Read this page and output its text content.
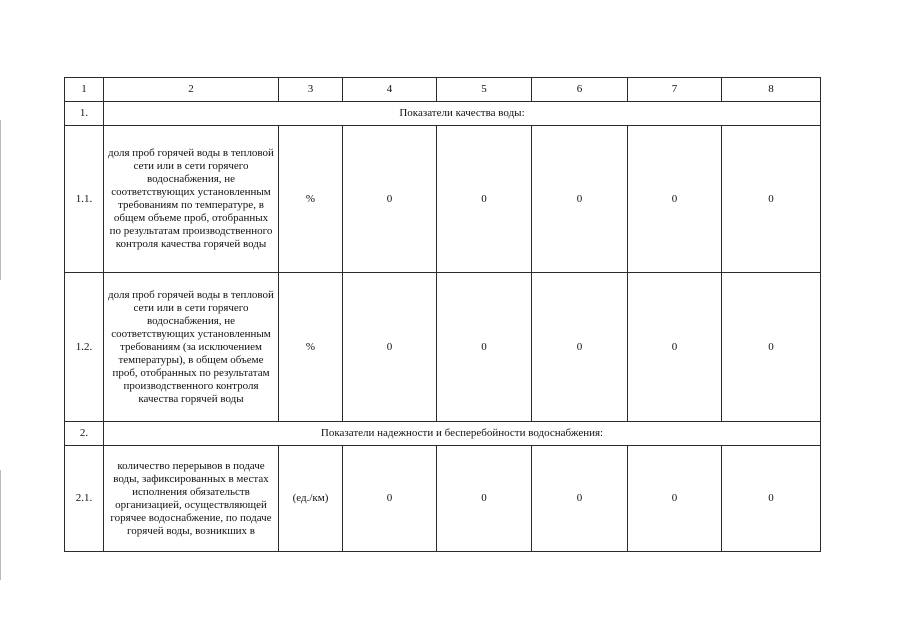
1	2	3	4	5	6	7	8
1.	Показатели качества воды:						
1.1.	доля проб горячей воды в тепловой сети или в сети горячего водоснабжения, не соответствующих установленным требованиям по температуре, в общем объеме проб, отобранных по результатам производственного контроля качества горячей воды	%	0	0	0	0	0
1.2.	доля проб горячей воды в тепловой сети или в сети горячего водоснабжения, не соответствующих установленным требованиям (за исключением температуры), в общем объеме проб, отобранных по результатам производственного контроля качества горячей воды	%	0	0	0	0	0
2.	Показатели надежности и бесперебойности водоснабжения:						
2.1.	количество перерывов в подаче воды, зафиксированных в местах исполнения обязательств организацией, осуществляющей горячее водоснабжение, по подаче горячей воды, возникших в	(ед./км)	0	0	0	0	0
